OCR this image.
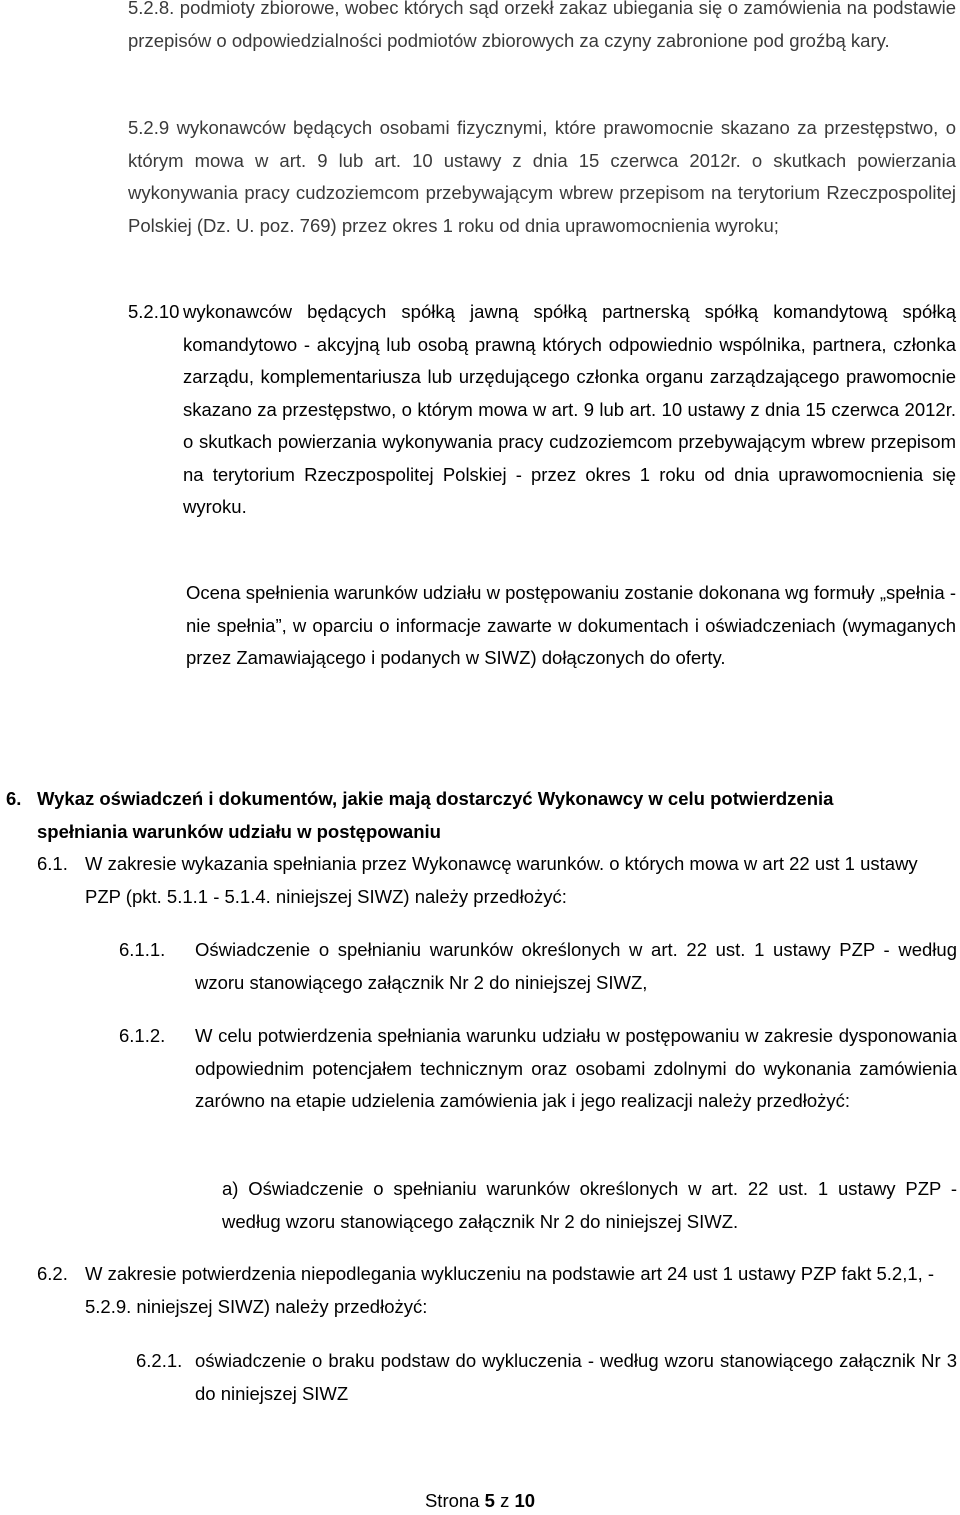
5.2.8. podmioty zbiorowe, wobec których sąd orzekł zakaz ubiegania się o zamówienia na podstawie przepisów o odpowiedzialności podmiotów zbiorowych za czyny zabronione pod groźbą kary.
5.2.9 wykonawców będących osobami fizycznymi, które prawomocnie skazano za przestępstwo, o którym mowa w art. 9 lub art. 10 ustawy z dnia 15 czerwca 2012r. o skutkach powierzania wykonywania pracy cudzoziemcom przebywającym wbrew przepisom na terytorium Rzeczpospolitej Polskiej (Dz. U. poz. 769) przez okres 1 roku od dnia uprawomocnienia wyroku;
5.2.10 wykonawców będących spółką jawną spółką partnerską spółką komandytową spółką komandytowo - akcyjną lub osobą prawną których odpowiednio wspólnika, partnera, członka zarządu, komplementariusza lub urzędującego członka organu zarządzającego prawomocnie skazano za przestępstwo, o którym mowa w art. 9 lub art. 10 ustawy z dnia 15 czerwca 2012r. o skutkach powierzania wykonywania pracy cudzoziemcom przebywającym wbrew przepisom na terytorium Rzeczpospolitej Polskiej - przez okres 1 roku od dnia uprawomocnienia się wyroku.
Ocena spełnienia warunków udziału w postępowaniu zostanie dokonana wg formuły „spełnia - nie spełnia”, w oparciu o informacje zawarte w dokumentach i oświadczeniach (wymaganych przez Zamawiającego i podanych w SIWZ) dołączonych do oferty.
6. Wykaz oświadczeń i dokumentów, jakie mają dostarczyć Wykonawcy w celu potwierdzenia spełniania warunków udziału w postępowaniu
6.1. W zakresie wykazania spełniania przez Wykonawcę warunków. o których mowa w art 22 ust 1 ustawy PZP (pkt. 5.1.1 - 5.1.4. niniejszej SIWZ) należy przedłożyć:
6.1.1.	Oświadczenie o spełnianiu warunków określonych w art. 22 ust. 1 ustawy PZP - według wzoru stanowiącego załącznik Nr 2 do niniejszej SIWZ,
6.1.2.	W celu potwierdzenia spełniania warunku udziału w postępowaniu w zakresie dysponowania odpowiednim potencjałem technicznym oraz osobami zdolnymi do wykonania zamówienia zarówno na etapie udzielenia zamówienia jak i jego realizacji należy przedłożyć:
a) Oświadczenie o spełnianiu warunków określonych w art. 22 ust. 1 ustawy PZP - według wzoru stanowiącego załącznik Nr 2 do niniejszej SIWZ.
6.2. W zakresie potwierdzenia niepodlegania wykluczeniu na podstawie art 24 ust 1 ustawy PZP fakt 5.2,1, - 5.2.9. niniejszej SIWZ) należy przedłożyć:
6.2.1. oświadczenie o braku podstaw do wykluczenia - według wzoru stanowiącego załącznik Nr 3 do niniejszej SIWZ
Strona 5 z 10
